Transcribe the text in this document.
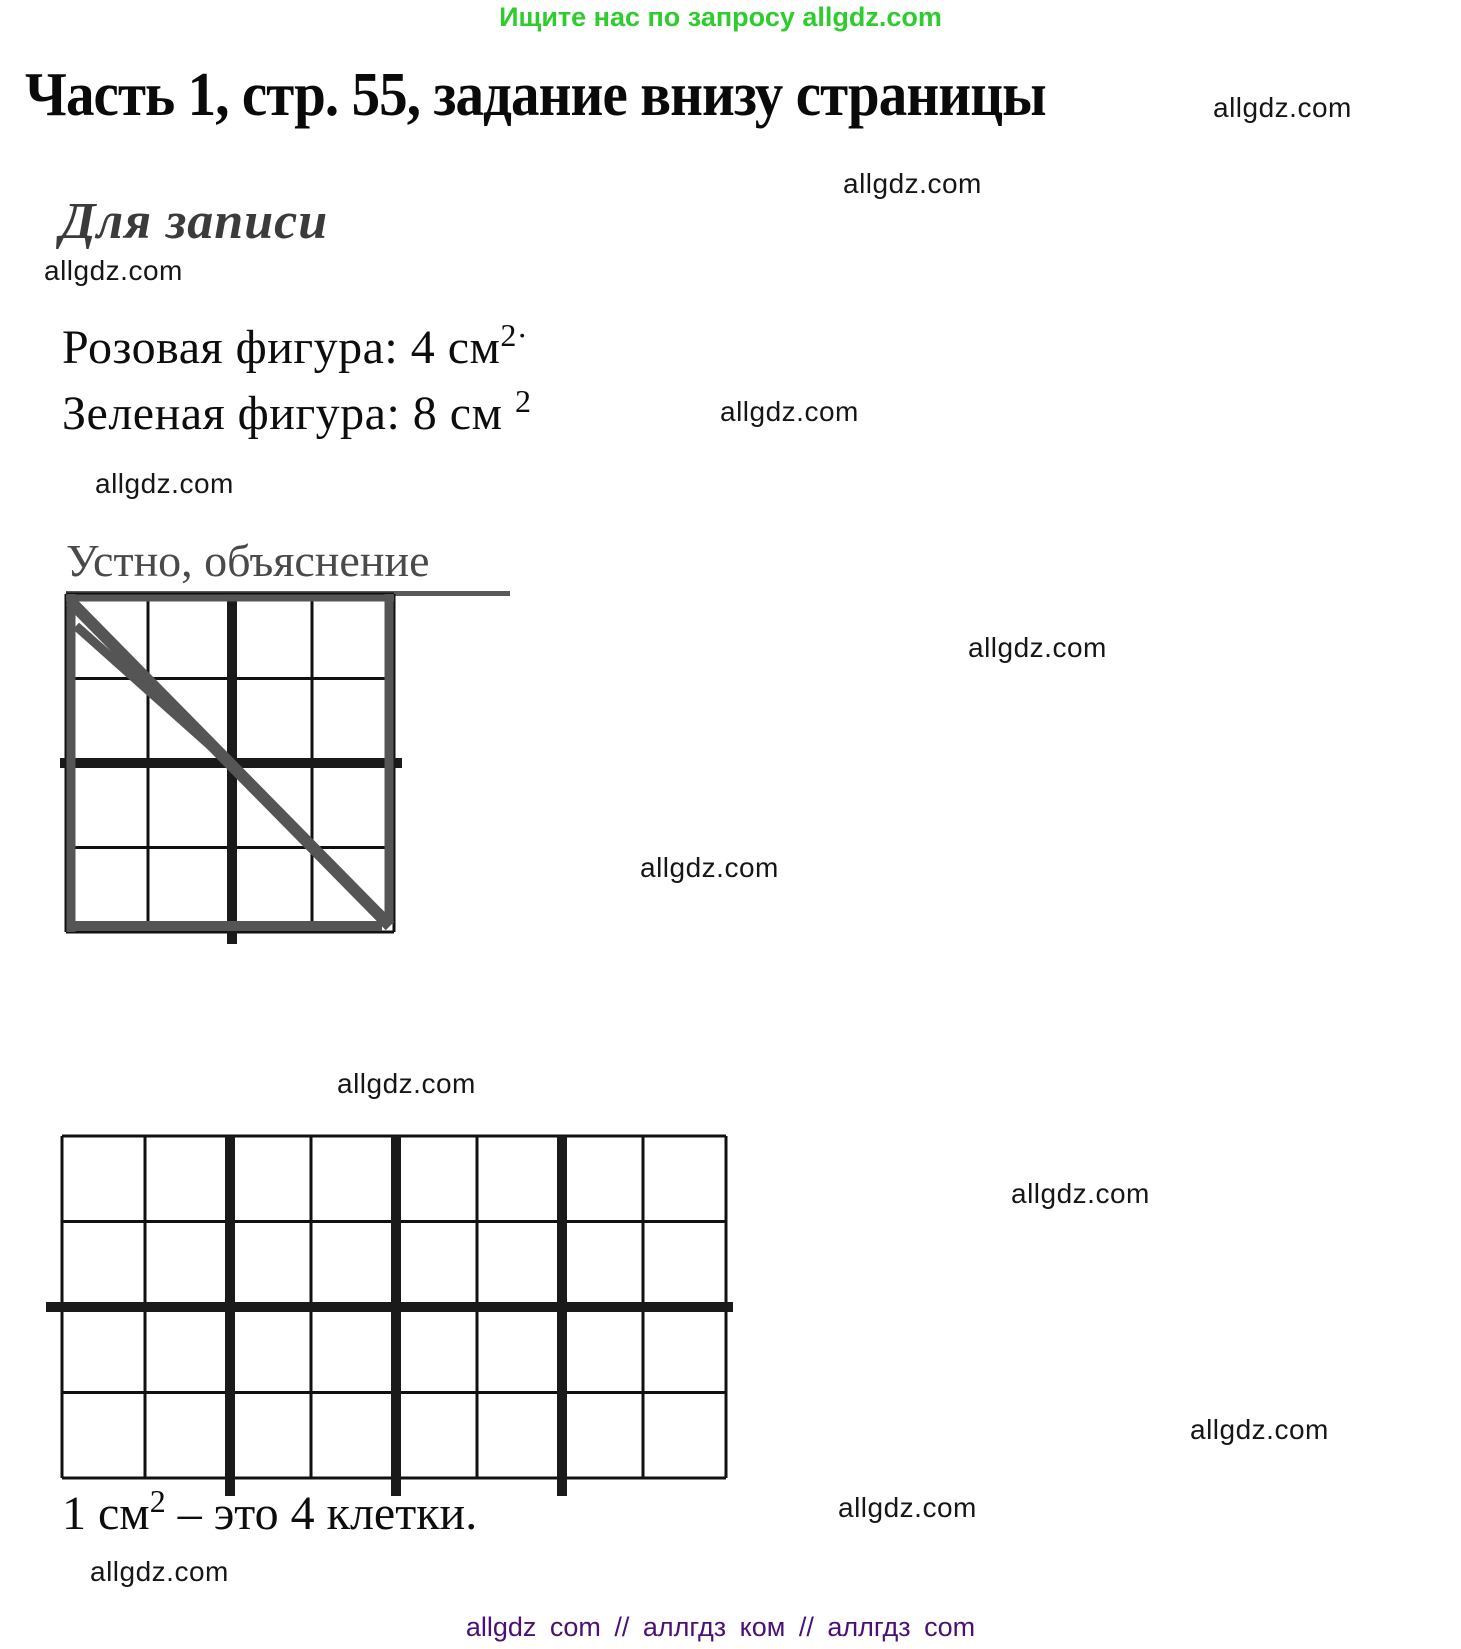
Ищите нас по запросу allgdz.com
Часть 1, стр. 55, задание внизу страницы	allgdz.com
allgdz.com
allgdz.com
allgdz.com
allgdz.com
allgdz.com
allgdz.com
allgdz.com
allgdz.com
allgdz.com
allgdz.com
allgdz.com
Для записи
Розовая фигура: 4 $см^{2\cdot}$
Зеленая фигура: 8 см $^2$
Устно, объяснение
1 $см^2$ – это 4 клетки.
allgdz com // аллгдз ком // аллгдз com
